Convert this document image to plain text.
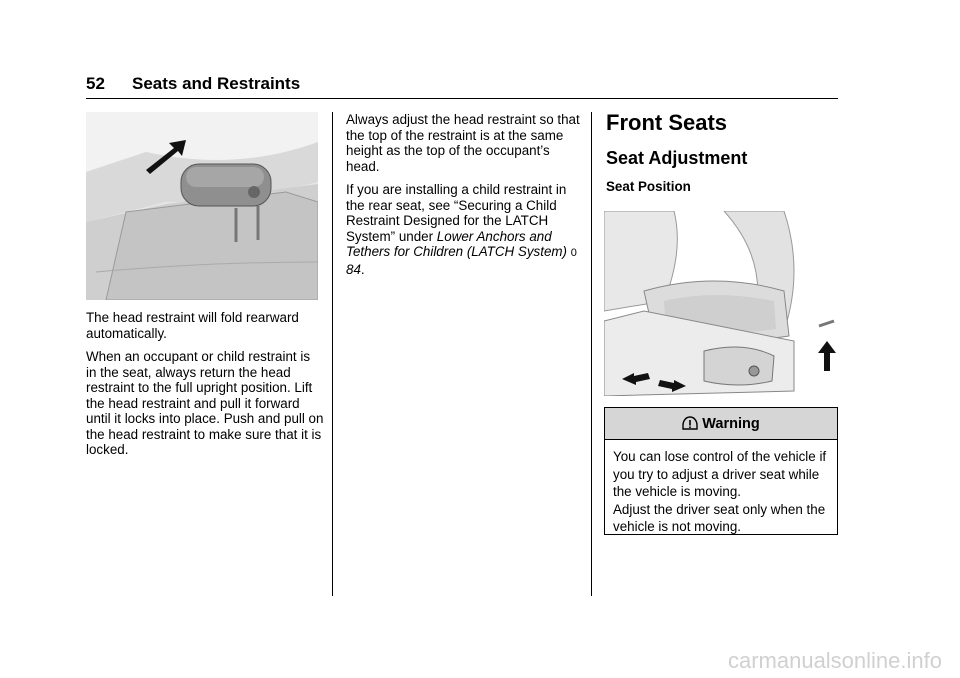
52 Seats and Restraints

The head restraint will fold rearward automatically.

When an occupant or child restraint is in the seat, always return the head restraint to the full upright position. Lift the head restraint and pull it forward until it locks into place. Push and pull on the head restraint to make sure that it is locked.

Always adjust the head restraint so that the top of the restraint is at the same height as the top of the occupant’s head.

If you are installing a child restraint in the rear seat, see “Securing a Child Restraint Designed for the LATCH System” under Lower Anchors and Tethers for Children (LATCH System) 0 84.

Front Seats
Seat Adjustment
Seat Position
Warning

You can lose control of the vehicle if you try to adjust a driver seat while the vehicle is moving.

Adjust the driver seat only when the vehicle is not moving.

carmanualsonline.info
